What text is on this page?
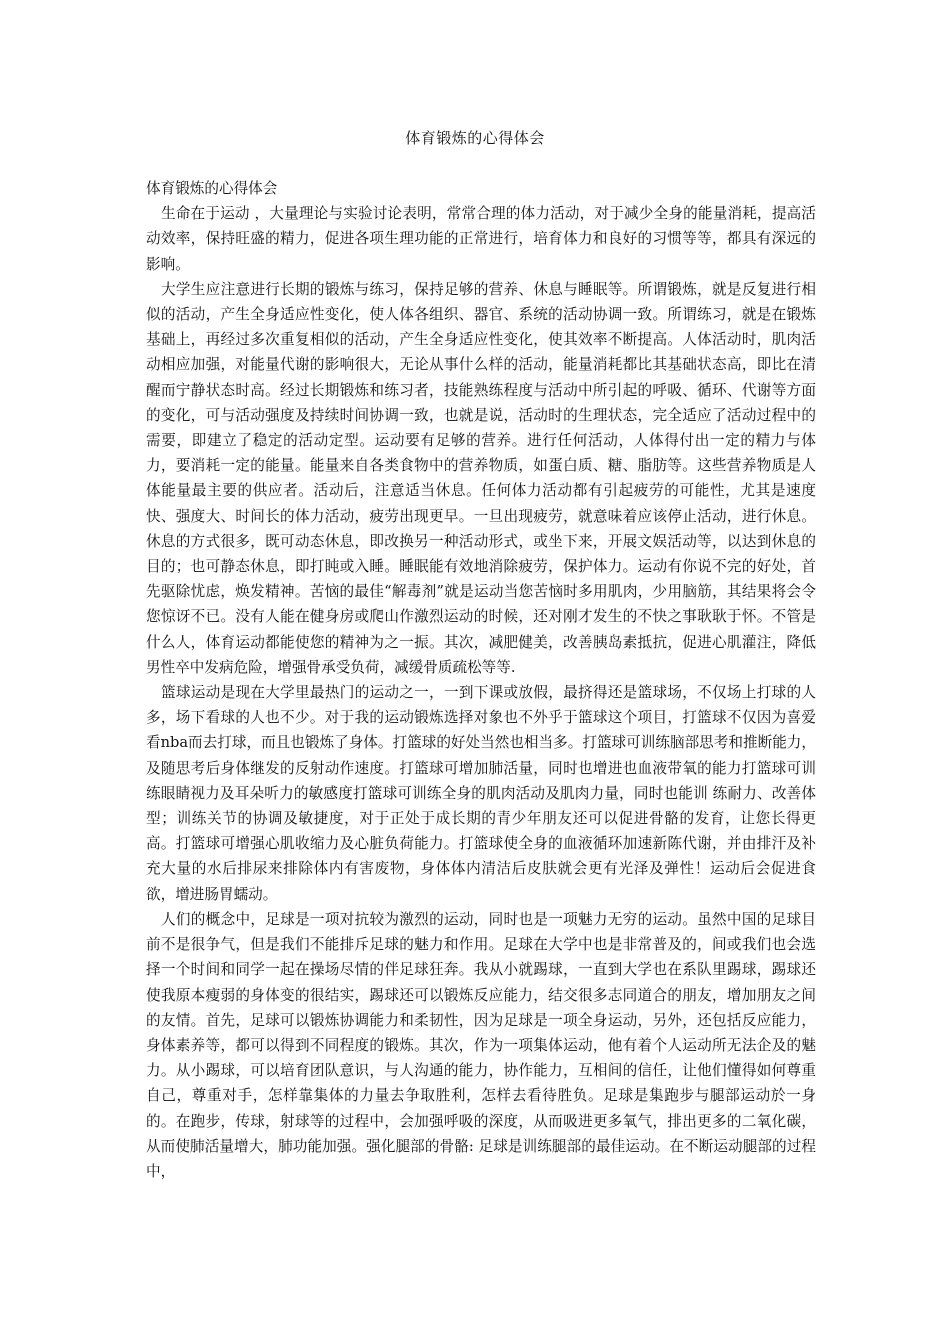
体育锻炼的心得体会

体育锻炼的心得体会

生命在于运动 ，大量理论与实验讨论表明，常常合理的体力活动，对于减少全身的能量消耗，提高活动效率，保持旺盛的精力，促进各项生理功能的正常进行，培育体力和良好的习惯等等，都具有深远的影响。

大学生应注意进行长期的锻炼与练习，保持足够的营养、休息与睡眠等。所谓锻炼，就是反复进行相似的活动，产生全身适应性变化，使人体各组织、器官、系统的活动协调一致。所谓练习，就是在锻炼基础上，再经过多次重复相似的活动，产生全身适应性变化，使其效率不断提高。人体活动时，肌肉活动相应加强，对能量代谢的影响很大，无论从事什么样的活动，能量消耗都比其基础状态高，即比在清醒而宁静状态时高。经过长期锻炼和练习者，技能熟练程度与活动中所引起的呼吸、循环、代谢等方面的变化，可与活动强度及持续时间协调一致，也就是说，活动时的生理状态，完全适应了活动过程中的需要，即建立了稳定的活动定型。运动要有足够的营养。进行任何活动，人体得付出一定的精力与体力，要消耗一定的能量。能量来自各类食物中的营养物质，如蛋白质、糖、脂肪等。这些营养物质是人体能量最主要的供应者。活动后，注意适当休息。任何体力活动都有引起疲劳的可能性，尤其是速度快、强度大、时间长的体力活动，疲劳出现更早。一旦出现疲劳，就意味着应该停止活动，进行休息。休息的方式很多，既可动态休息，即改换另一种活动形式，或坐下来，开展文娱活动等，以达到休息的目的；也可静态休息，即打盹或入睡。睡眠能有效地消除疲劳，保护体力。运动有你说不完的好处，首先驱除忧虑，焕发精神。苦恼的最佳“解毒剂”就是运动当您苦恼时多用肌肉，少用脑筋，其结果将会令您惊讶不已。没有人能在健身房或爬山作激烈运动的时候，还对刚才发生的不快之事耿耿于怀。不管是什么人，体育运动都能使您的精神为之一振。其次，减肥健美，改善胰岛素抵抗，促进心肌灌注，降低男性卒中发病危险，增强骨承受负荷，减缓骨质疏松等等.

篮球运动是现在大学里最热门的运动之一，一到下课或放假，最挤得还是篮球场，不仅场上打球的人多，场下看球的人也不少。对于我的运动锻炼选择对象也不外乎于篮球这个项目，打篮球不仅因为喜爱看nba而去打球，而且也锻炼了身体。打篮球的好处当然也相当多。打篮球可训练脑部思考和推断能力，及随思考后身体继发的反射动作速度。打篮球可增加肺活量，同时也增进也血液带氧的能力打篮球可训练眼睛视力及耳朵听力的敏感度打篮球可训练全身的肌肉活动及肌肉力量，同时也能训 练耐力、改善体型；训练关节的协调及敏捷度，对于正处于成长期的青少年朋友还可以促进骨骼的发育，让您长得更高。打篮球可增强心肌收缩力及心脏负荷能力。打篮球使全身的血液循环加速新陈代谢，并由排汗及补充大量的水后排尿来排除体内有害废物，身体体内清洁后皮肤就会更有光泽及弹性！运动后会促进食欲，增进肠胃蠕动。

人们的概念中，足球是一项对抗较为激烈的运动，同时也是一项魅力无穷的运动。虽然中国的足球目前不是很争气，但是我们不能排斥足球的魅力和作用。足球在大学中也是非常普及的，间或我们也会选择一个时间和同学一起在操场尽情的伴足球狂奔。我从小就踢球，一直到大学也在系队里踢球，踢球还使我原本瘦弱的身体变的很结实，踢球还可以锻炼反应能力，结交很多志同道合的朋友，增加朋友之间的友情。首先，足球可以锻炼协调能力和柔韧性，因为足球是一项全身运动，另外，还包括反应能力，身体素养等，都可以得到不同程度的锻炼。其次，作为一项集体运动，他有着个人运动所无法企及的魅力。从小踢球，可以培育团队意识，与人沟通的能力，协作能力，互相间的信任，让他们懂得如何尊重自己，尊重对手，怎样靠集体的力量去争取胜利，怎样去看待胜负。足球是集跑步与腿部运动於一身的。在跑步，传球，射球等的过程中，会加强呼吸的深度，从而吸进更多氧气，排出更多的二氧化碳，从而使肺活量增大，肺功能加强。强化腿部的骨骼: 足球是训练腿部的最佳运动。在不断运动腿部的过程中，
